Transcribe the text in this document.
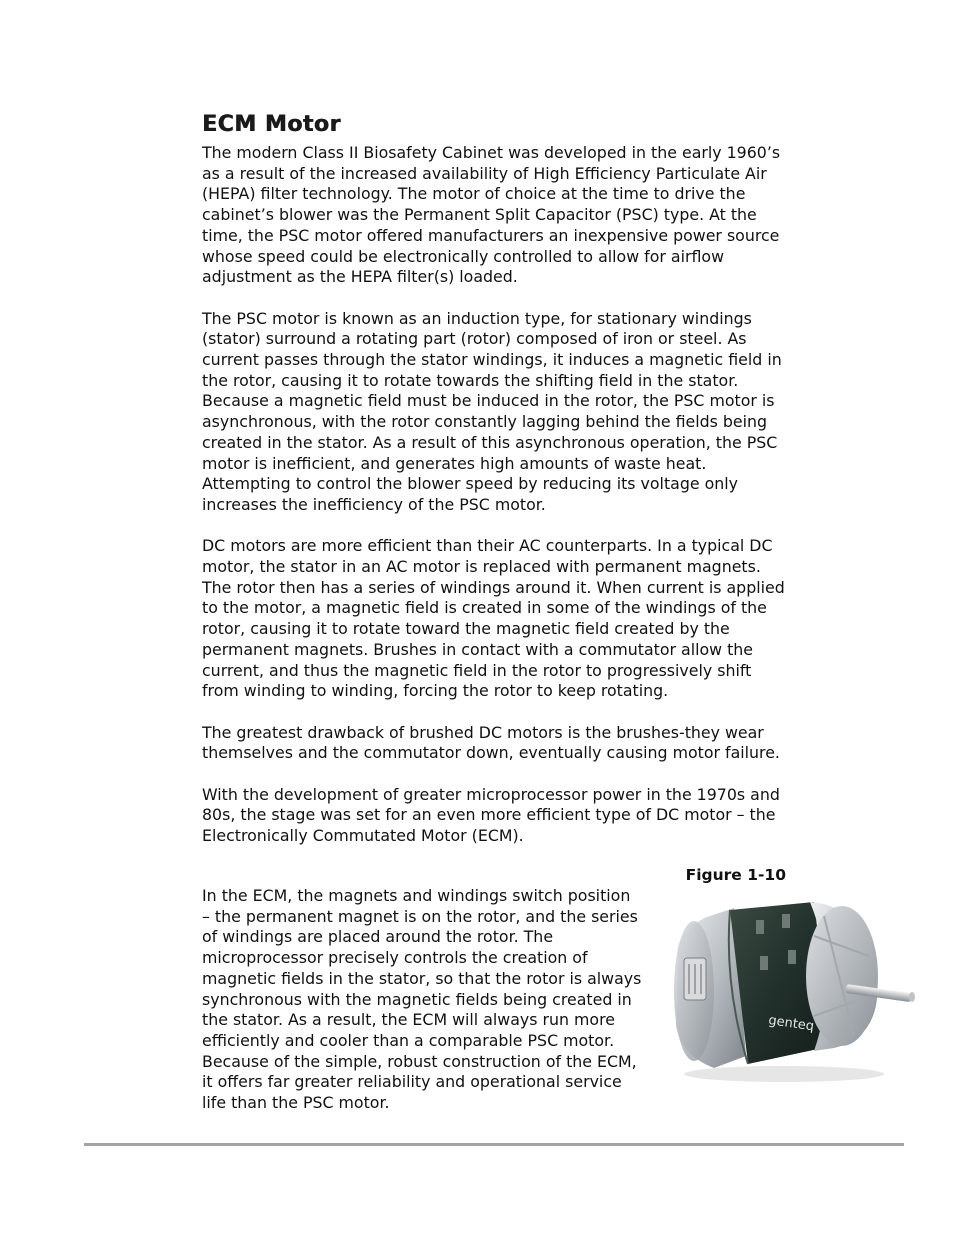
ECM Motor

The modern Class II Biosafety Cabinet was developed in the early 1960’s as a result of the increased availability of High Efficiency Particulate Air (HEPA) filter technology. The motor of choice at the time to drive the cabinet’s blower was the Permanent Split Capacitor (PSC) type. At the time, the PSC motor offered manufacturers an inexpensive power source whose speed could be electronically controlled to allow for airflow adjustment as the HEPA filter(s) loaded.

The PSC motor is known as an induction type, for stationary windings (stator) surround a rotating part (rotor) composed of iron or steel. As current passes through the stator windings, it induces a magnetic field in the rotor, causing it to rotate towards the shifting field in the stator. Because a magnetic field must be induced in the rotor, the PSC motor is asynchronous, with the rotor constantly lagging behind the fields being created in the stator. As a result of this asynchronous operation, the PSC motor is inefficient, and generates high amounts of waste heat. Attempting to control the blower speed by reducing its voltage only increases the inefficiency of the PSC motor.

DC motors are more efficient than their AC counterparts. In a typical DC motor, the stator in an AC motor is replaced with permanent magnets. The rotor then has a series of windings around it. When current is applied to the motor, a magnetic field is created in some of the windings of the rotor, causing it to rotate toward the magnetic field created by the permanent magnets. Brushes in contact with a commutator allow the current, and thus the magnetic field in the rotor to progressively shift from winding to winding, forcing the rotor to keep rotating.

The greatest drawback of brushed DC motors is the brushes-they wear themselves and the commutator down, eventually causing motor failure.

With the development of greater microprocessor power in the 1970s and 80s, the stage was set for an even more efficient type of DC motor – the Electronically Commutated Motor (ECM).

Figure 1-10

In the ECM, the magnets and windings switch position – the permanent magnet is on the rotor, and the series of windings are placed around the rotor. The microprocessor precisely controls the creation of magnetic fields in the stator, so that the rotor is always synchronous with the magnetic fields being created in the stator. As a result, the ECM will always run more efficiently and cooler than a comparable PSC motor. Because of the simple, robust construction of the ECM, it offers far greater reliability and operational service life than the PSC motor.

genteq
